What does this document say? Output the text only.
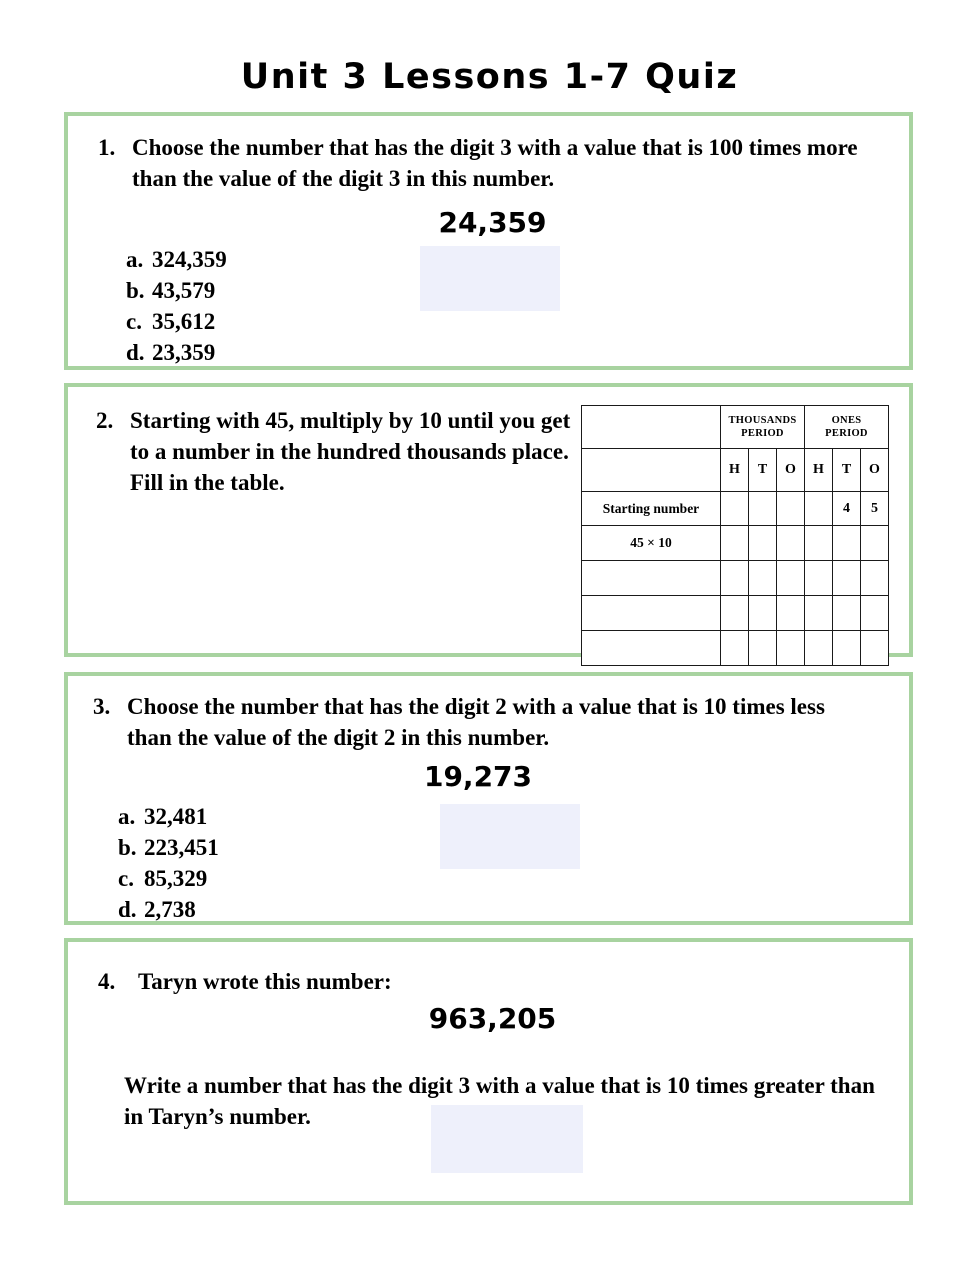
Unit 3 Lessons 1-7 Quiz
1. Choose the number that has the digit 3 with a value that is 100 times more than the value of the digit 3 in this number.
24,359
a. 324,359
b. 43,579
c. 35,612
d. 23,359
2. Starting with 45, multiply by 10 until you get to a number in the hundred thousands place. Fill in the table.

THOUSANDS
PERIOD

ONES
PERIOD

	H	T	O	H	T	O
Starting number					4	5
45 × 10						

3. Choose the number that has the digit 2 with a value that is 10 times less than the value of the digit 2 in this number.
19,273
a. 32,481
b. 223,451
c. 85,329
d. 2,738
4. Taryn wrote this number:
963,205
Write a number that has the digit 3 with a value that is 10 times greater than in Taryn’s number.
